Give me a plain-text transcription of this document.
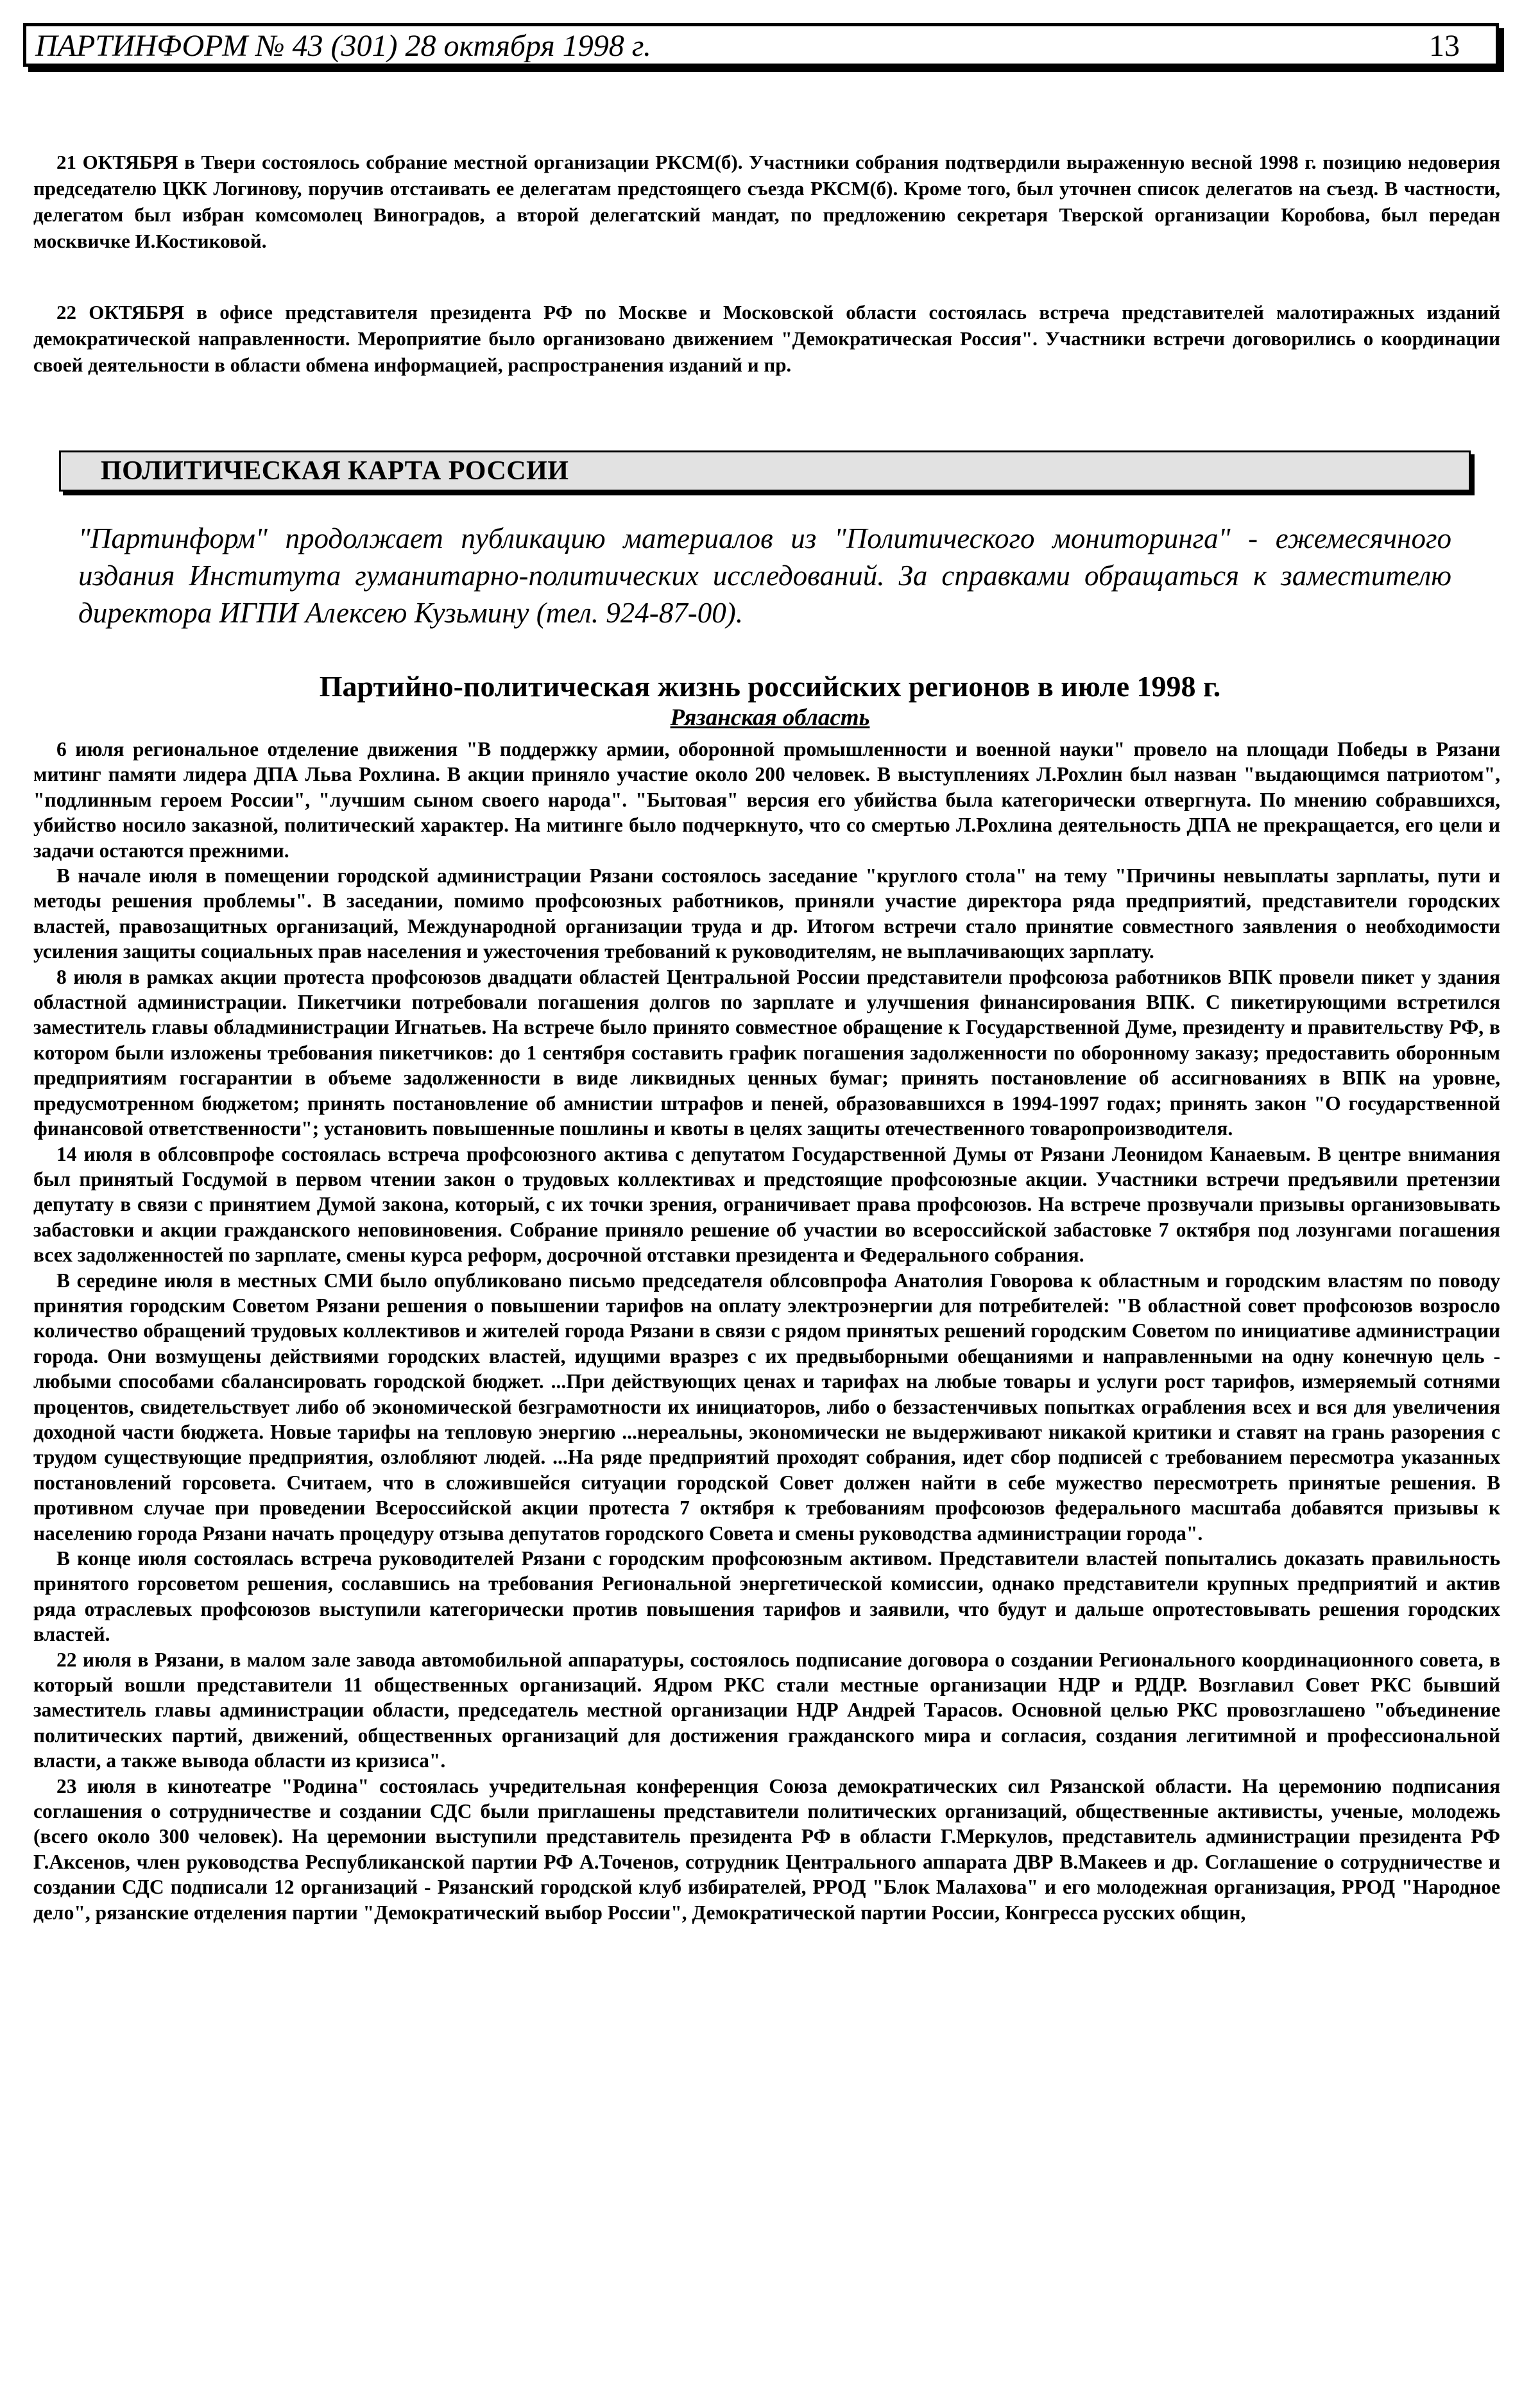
ПАРТИНФОРМ № 43 (301) 28 октября 1998 г.	13

21 ОКТЯБРЯ в Твери состоялось собрание местной организации РКСМ(б). Участники собрания подтвердили выраженную весной 1998 г. позицию недоверия председателю ЦКК Логинову, поручив отстаивать ее делегатам предстоящего съезда РКСМ(б). Кроме того, был уточнен список делегатов на съезд. В частности, делегатом был избран комсомолец Виноградов, а второй делегатский мандат, по предложению секретаря Тверской организации Коробова, был передан москвичке И.Костиковой.

22 ОКТЯБРЯ в офисе представителя президента РФ по Москве и Московской области состоялась встреча представителей малотиражных изданий демократической направленности. Мероприятие было организовано движением "Демократическая Россия". Участники встречи договорились о координации своей деятельности в области обмена информацией, распространения изданий и пр.

ПОЛИТИЧЕСКАЯ КАРТА РОССИИ
"Партинформ" продолжает публикацию материалов из "Политического мониторинга" - ежемесячного издания Института гуманитарно-политических исследований. За справками обращаться к заместителю директора ИГПИ Алексею Кузьмину (тел. 924-87-00).
Партийно-политическая жизнь российских регионов в июле 1998 г.
Рязанская область

6 июля региональное отделение движения "В поддержку армии, оборонной промышленности и военной науки" провело на площади Победы в Рязани митинг памяти лидера ДПА Льва Рохлина. В акции приняло участие около 200 человек. В выступлениях Л.Рохлин был назван "выдающимся патриотом", "подлинным героем России", "лучшим сыном своего народа". "Бытовая" версия его убийства была категорически отвергнута. По мнению собравшихся, убийство носило заказной, политический характер. На митинге было подчеркнуто, что со смертью Л.Рохлина деятельность ДПА не прекращается, его цели и задачи остаются прежними.

В начале июля в помещении городской администрации Рязани состоялось заседание "круглого стола" на тему "Причины невыплаты зарплаты, пути и методы решения проблемы". В заседании, помимо профсоюзных работников, приняли участие директора ряда предприятий, представители городских властей, правозащитных организаций, Международной организации труда и др. Итогом встречи стало принятие совместного заявления о необходимости усиления защиты социальных прав населения и ужесточения требований к руководителям, не выплачивающих зарплату.

8 июля в рамках акции протеста профсоюзов двадцати областей Центральной России представители профсоюза работников ВПК провели пикет у здания областной администрации. Пикетчики потребовали погашения долгов по зарплате и улучшения финансирования ВПК. С пикетирующими встретился заместитель главы обладминистрации Игнатьев. На встрече было принято совместное обращение к Государственной Думе, президенту и правительству РФ, в котором были изложены требования пикетчиков: до 1 сентября составить график погашения задолженности по оборонному заказу; предоставить оборонным предприятиям госгарантии в объеме задолженности в виде ликвидных ценных бумаг; принять постановление об ассигнованиях в ВПК на уровне, предусмотренном бюджетом; принять постановление об амнистии штрафов и пеней, образовавшихся в 1994-1997 годах; принять закон "О государственной финансовой ответственности"; установить повышенные пошлины и квоты в целях защиты отечественного товаропроизводителя.

14 июля в облсовпрофе состоялась встреча профсоюзного актива с депутатом Государственной Думы от Рязани Леонидом Канаевым. В центре внимания был принятый Госдумой в первом чтении закон о трудовых коллективах и предстоящие профсоюзные акции. Участники встречи предъявили претензии депутату в связи с принятием Думой закона, который, с их точки зрения, ограничивает права профсоюзов. На встрече прозвучали призывы организовывать забастовки и акции гражданского неповиновения. Собрание приняло решение об участии во всероссийской забастовке 7 октября под лозунгами погашения всех задолженностей по зарплате, смены курса реформ, досрочной отставки президента и Федерального собрания.

В середине июля в местных СМИ было опубликовано письмо председателя облсовпрофа Анатолия Говорова к областным и городским властям по поводу принятия городским Советом Рязани решения о повышении тарифов на оплату электроэнергии для потребителей: "В областной совет профсоюзов возросло количество обращений трудовых коллективов и жителей города Рязани в связи с рядом принятых решений городским Советом по инициативе администрации города. Они возмущены действиями городских властей, идущими вразрез с их предвыборными обещаниями и направленными на одну конечную цель - любыми способами сбалансировать городской бюджет. ...При действующих ценах и тарифах на любые товары и услуги рост тарифов, измеряемый сотнями процентов, свидетельствует либо об экономической безграмотности их инициаторов, либо о беззастенчивых попытках ограбления всех и вся для увеличения доходной части бюджета. Новые тарифы на тепловую энергию ...нереальны, экономически не выдерживают никакой критики и ставят на грань разорения с трудом существующие предприятия, озлобляют людей. ...На ряде предприятий проходят собрания, идет сбор подписей с требованием пересмотра указанных постановлений горсовета. Считаем, что в сложившейся ситуации городской Совет должен найти в себе мужество пересмотреть принятые решения. В противном случае при проведении Всероссийской акции протеста 7 октября к требованиям профсоюзов федерального масштаба добавятся призывы к населению города Рязани начать процедуру отзыва депутатов городского Совета и смены руководства администрации города".

В конце июля состоялась встреча руководителей Рязани с городским профсоюзным активом. Представители властей попытались доказать правильность принятого горсоветом решения, сославшись на требования Региональной энергетической комиссии, однако представители крупных предприятий и актив ряда отраслевых профсоюзов выступили категорически против повышения тарифов и заявили, что будут и дальше опротестовывать решения городских властей.

22 июля в Рязани, в малом зале завода автомобильной аппаратуры, состоялось подписание договора о создании Регионального координационного совета, в который вошли представители 11 общественных организаций. Ядром РКС стали местные организации НДР и РДДР. Возглавил Совет РКС бывший заместитель главы администрации области, председатель местной организации НДР Андрей Тарасов. Основной целью РКС провозглашено "объединение политических партий, движений, общественных организаций для достижения гражданского мира и согласия, создания легитимной и профессиональной власти, а также вывода области из кризиса".

23 июля в кинотеатре "Родина" состоялась учредительная конференция Союза демократических сил Рязанской области. На церемонию подписания соглашения о сотрудничестве и создании СДС были приглашены представители политических организаций, общественные активисты, ученые, молодежь (всего около 300 человек). На церемонии выступили представитель президента РФ в области Г.Меркулов, представитель администрации президента РФ Г.Аксенов, член руководства Республиканской партии РФ А.Точенов, сотрудник Центрального аппарата ДВР В.Макеев и др. Соглашение о сотрудничестве и создании СДС подписали 12 организаций - Рязанский городской клуб избирателей, РРОД "Блок Малахова" и его молодежная организация, РРОД "Народное дело", рязанские отделения партии "Демократический выбор России", Демократической партии России, Конгресса русских общин,
